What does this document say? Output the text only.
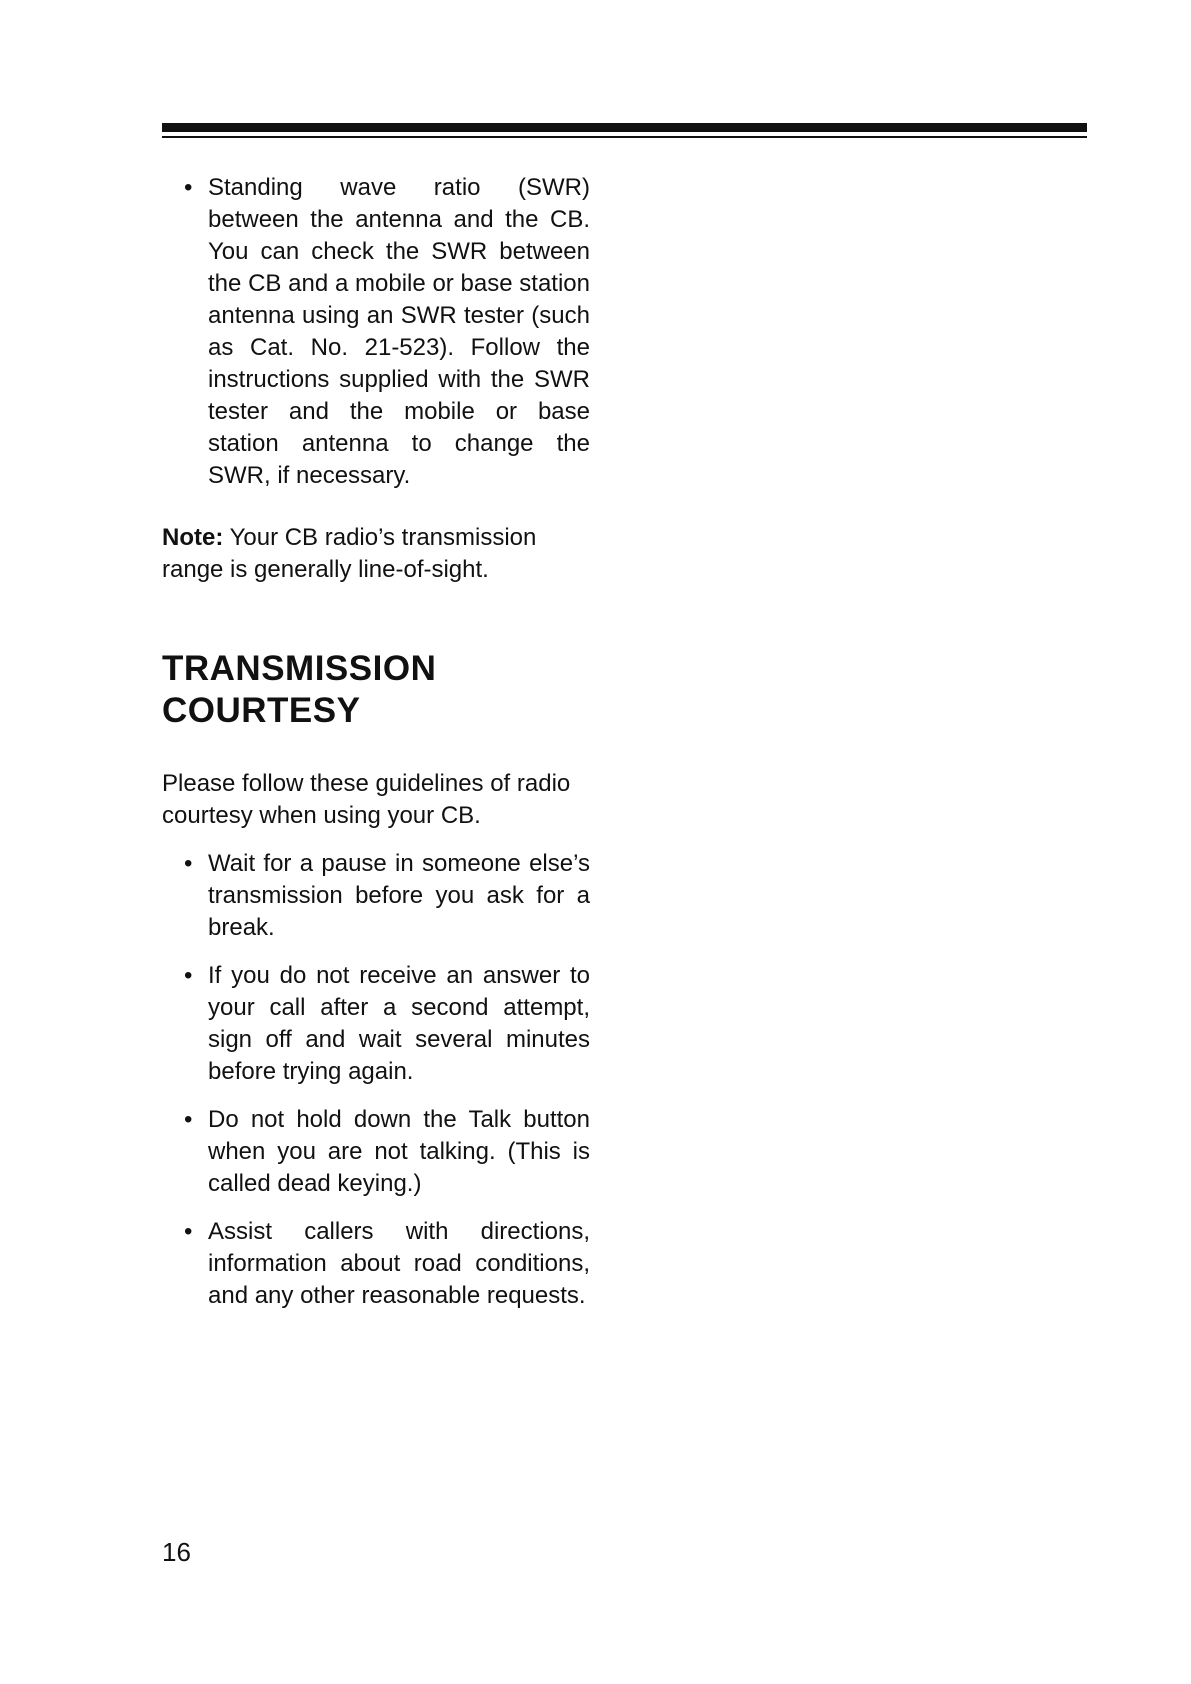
• Standing wave ratio (SWR) between the antenna and the CB. You can check the SWR between the CB and a mobile or base station antenna using an SWR tester (such as Cat. No. 21-523). Follow the instructions supplied with the SWR tester and the mobile or base station antenna to change the SWR, if necessary.

Note: Your CB radio’s transmission range is generally line-of-sight.

TRANSMISSION
COURTESY

Please follow these guidelines of radio courtesy when using your CB.

• Wait for a pause in someone else’s transmission before you ask for a break.
• If you do not receive an answer to your call after a second attempt, sign off and wait several minutes before trying again.
• Do not hold down the Talk button when you are not talking. (This is called dead keying.)
• Assist callers with directions, information about road conditions, and any other reasonable requests.
16
